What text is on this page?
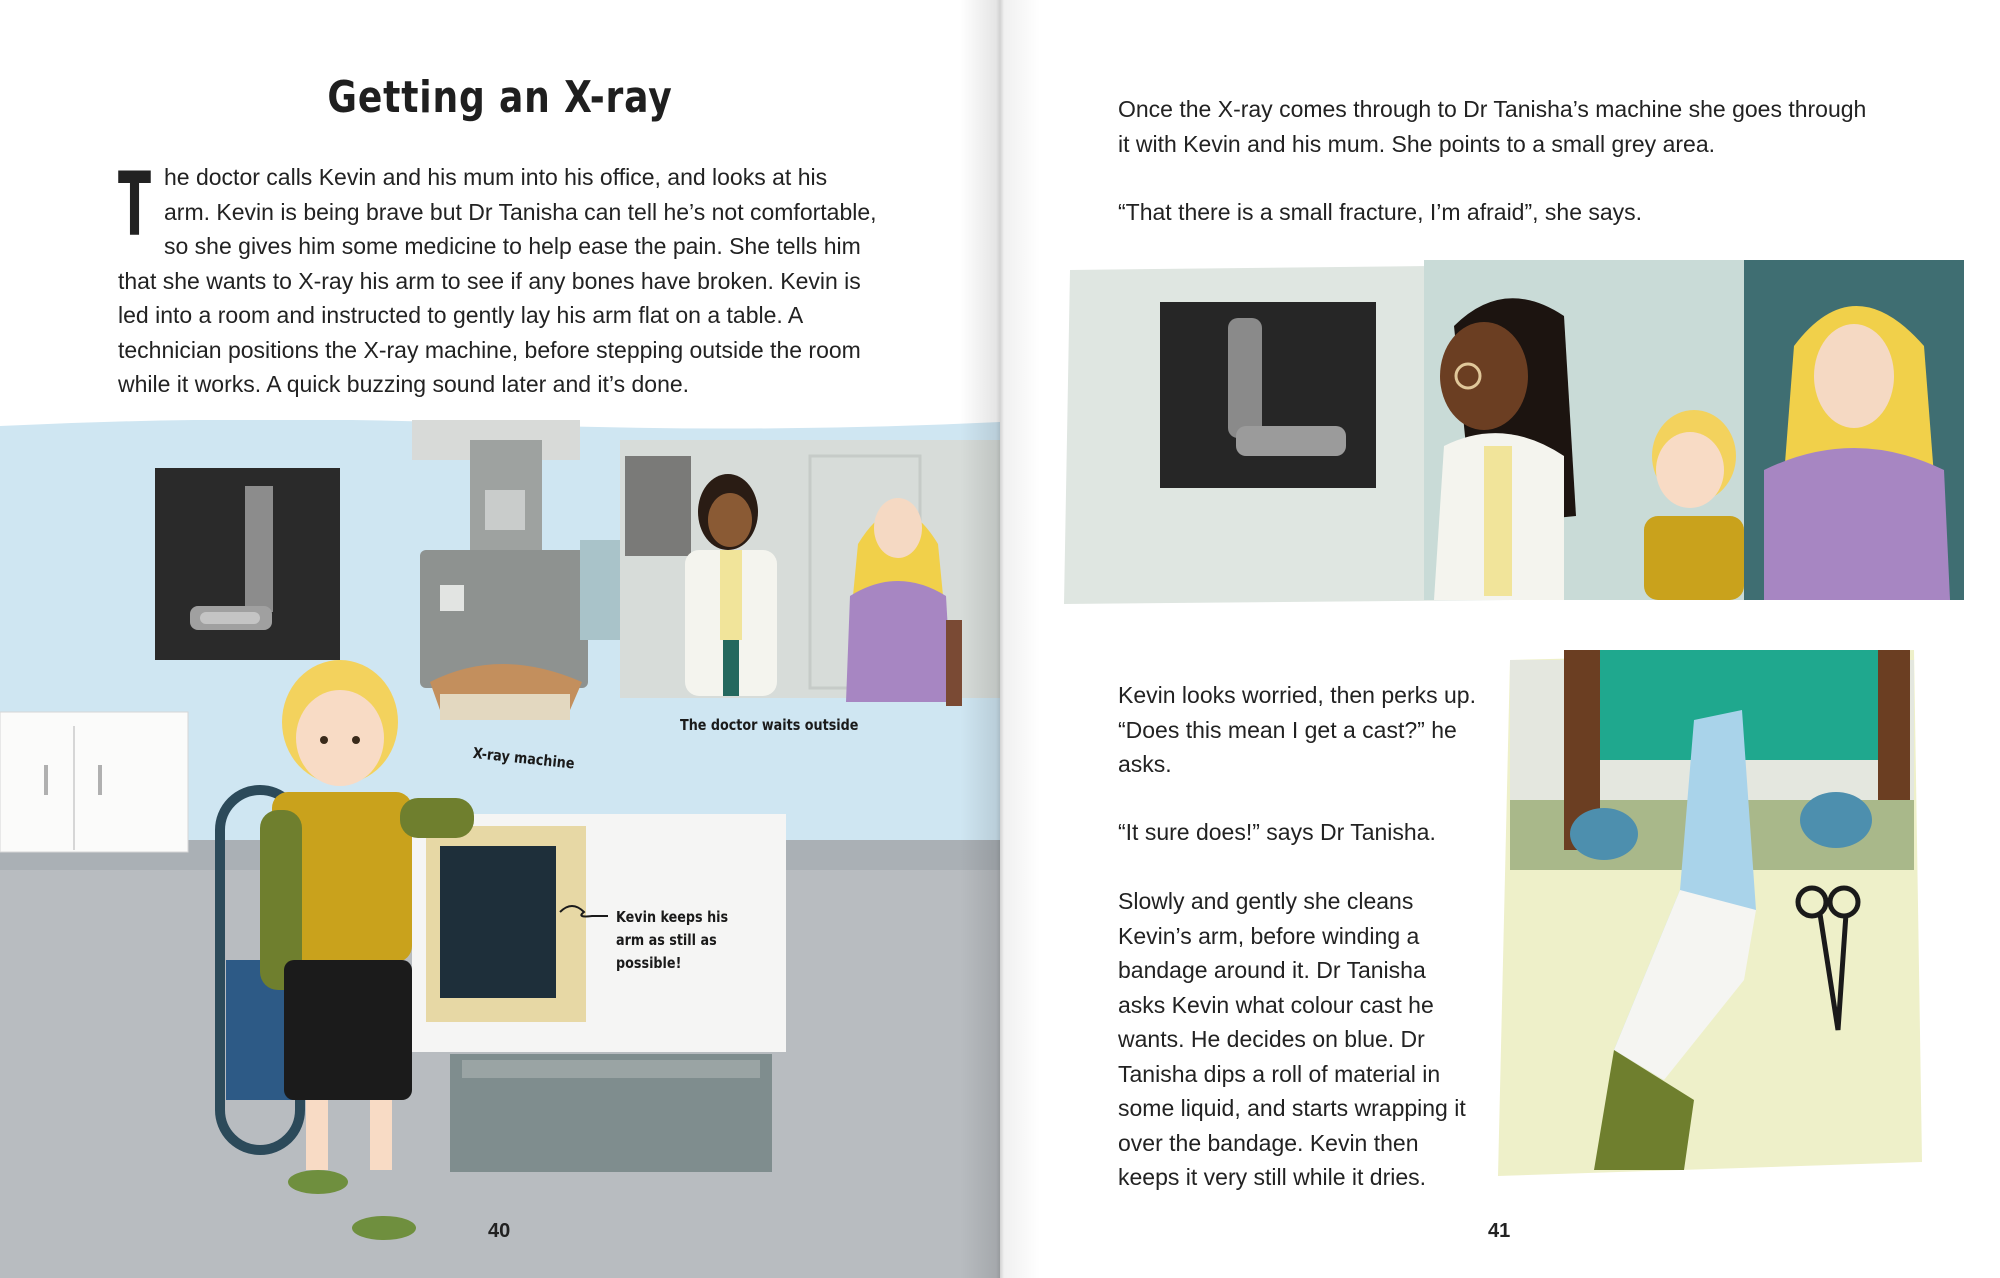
Getting an X-ray
T he doctor calls Kevin and his mum into his office, and looks at his arm. Kevin is being brave but Dr Tanisha can tell he’s not comfortable, so she gives him some medicine to help ease the pain. She tells him that she wants to X-ray his arm to see if any bones have broken. Kevin is led into a room and instructed to gently lay his arm flat on a table. A technician positions the X-ray machine, before stepping outside the room while it works. A quick buzzing sound later and it’s done.
X-ray machine
The doctor waits outside
Kevin keeps his
arm as still as
possible!
40
Once the X-ray comes through to Dr Tanisha’s machine she goes through it with Kevin and his mum. She points to a small grey area.
“That there is a small fracture, I’m afraid”, she says.
Kevin looks worried, then perks up. “Does this mean I get a cast?” he asks.
“It sure does!” says Dr Tanisha.
Slowly and gently she cleans Kevin’s arm, before winding a bandage around it. Dr Tanisha asks Kevin what colour cast he wants. He decides on blue. Dr Tanisha dips a roll of material in some liquid, and starts wrapping it over the bandage. Kevin then keeps it very still while it dries.
41
